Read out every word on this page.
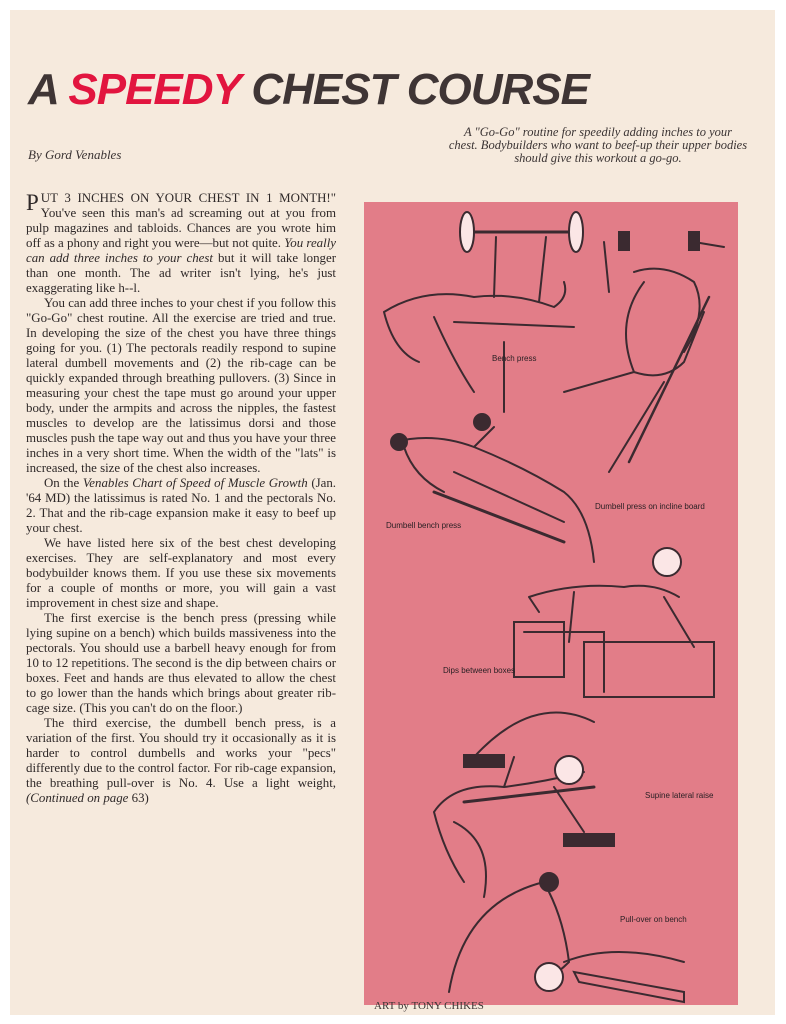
A SPEEDY CHEST COURSE
By Gord Venables
A "Go-Go" routine for speedily adding inches to your chest. Bodybuilders who want to beef-up their upper bodies should give this workout a go-go.

PUT 3 INCHES ON YOUR CHEST IN 1 MONTH!" You've seen this man's ad screaming out at you from pulp magazines and tabloids. Chances are you wrote him off as a phony and right you were—but not quite. You really can add three inches to your chest but it will take longer than one month. The ad writer isn't lying, he's just exaggerating like h--l.

You can add three inches to your chest if you follow this "Go-Go" chest routine. All the exercise are tried and true. In developing the size of the chest you have three things going for you. (1) The pectorals readily respond to supine lateral dumbell movements and (2) the rib-cage can be quickly expanded through breathing pullovers. (3) Since in measuring your chest the tape must go around your upper body, under the armpits and across the nipples, the fastest muscles to develop are the latissimus dorsi and those muscles push the tape way out and thus you have your three inches in a very short time. When the width of the "lats" is increased, the size of the chest also increases.

On the Venables Chart of Speed of Muscle Growth (Jan. '64 MD) the latissimus is rated No. 1 and the pectorals No. 2. That and the rib-cage expansion make it easy to beef up your chest.

We have listed here six of the best chest developing exercises. They are self-explanatory and most every bodybuilder knows them. If you use these six movements for a couple of months or more, you will gain a vast improvement in chest size and shape.

The first exercise is the bench press (pressing while lying supine on a bench) which builds massiveness into the pectorals. You should use a barbell heavy enough for from 10 to 12 repetitions. The second is the dip between chairs or boxes. Feet and hands are thus elevated to allow the chest to go lower than the hands which brings about greater rib-cage size. (This you can't do on the floor.)

The third exercise, the dumbell bench press, is a variation of the first. You should try it occasionally as it is harder to control dumbells and works your "pecs" differently due to the control factor. For rib-cage expansion, the breathing pull-over is No. 4. Use a light weight, (Continued on page 63)

Bench press
Dumbell press on incline board
Dumbell bench press
Dips between boxes
Supine lateral raise
Pull-over on bench
ART by TONY CHIKES
